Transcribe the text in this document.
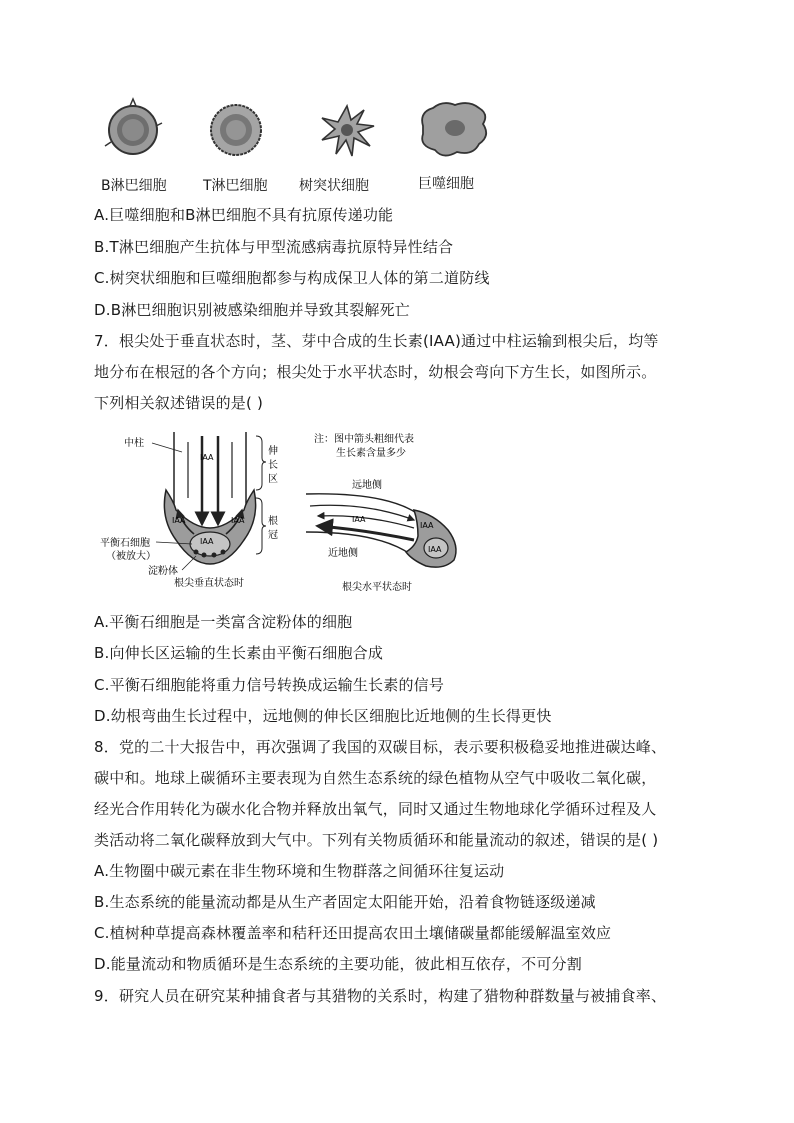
B淋巴细胞	T淋巴细胞 树突状细胞	巨噬细胞
A.巨噬细胞和B淋巴细胞不具有抗原传递功能
B.T淋巴细胞产生抗体与甲型流感病毒抗原特异性结合
C.树突状细胞和巨噬细胞都参与构成保卫人体的第二道防线
D.B淋巴细胞识别被感染细胞并导致其裂解死亡
7．根尖处于垂直状态时，茎、芽中合成的生长素(IAA)通过中柱运输到根尖后，均等
地分布在根冠的各个方向；根尖处于水平状态时，幼根会弯向下方生长，如图所示。
下列相关叙述错误的是( )
中柱
IAA
IAA	IAA
IAA
伸
长
区
根
冠
平衡石细胞
（被放大）
淀粉体
根尖垂直状态时
注：图中箭头粗细代表
生长素含量多少
远地侧
IAA
IAA
IAA
近地侧
根尖水平状态时
A.平衡石细胞是一类富含淀粉体的细胞
B.向伸长区运输的生长素由平衡石细胞合成
C.平衡石细胞能将重力信号转换成运输生长素的信号
D.幼根弯曲生长过程中，远地侧的伸长区细胞比近地侧的生长得更快
8．党的二十大报告中，再次强调了我国的双碳目标，表示要积极稳妥地推进碳达峰、
碳中和。地球上碳循环主要表现为自然生态系统的绿色植物从空气中吸收二氧化碳，
经光合作用转化为碳水化合物并释放出氧气，同时又通过生物地球化学循环过程及人
类活动将二氧化碳释放到大气中。下列有关物质循环和能量流动的叙述，错误的是( )
A.生物圈中碳元素在非生物环境和生物群落之间循环往复运动
B.生态系统的能量流动都是从生产者固定太阳能开始，沿着食物链逐级递减
C.植树种草提高森林覆盖率和秸秆还田提高农田土壤储碳量都能缓解温室效应
D.能量流动和物质循环是生态系统的主要功能，彼此相互依存，不可分割
9．研究人员在研究某种捕食者与其猎物的关系时，构建了猎物种群数量与被捕食率、
